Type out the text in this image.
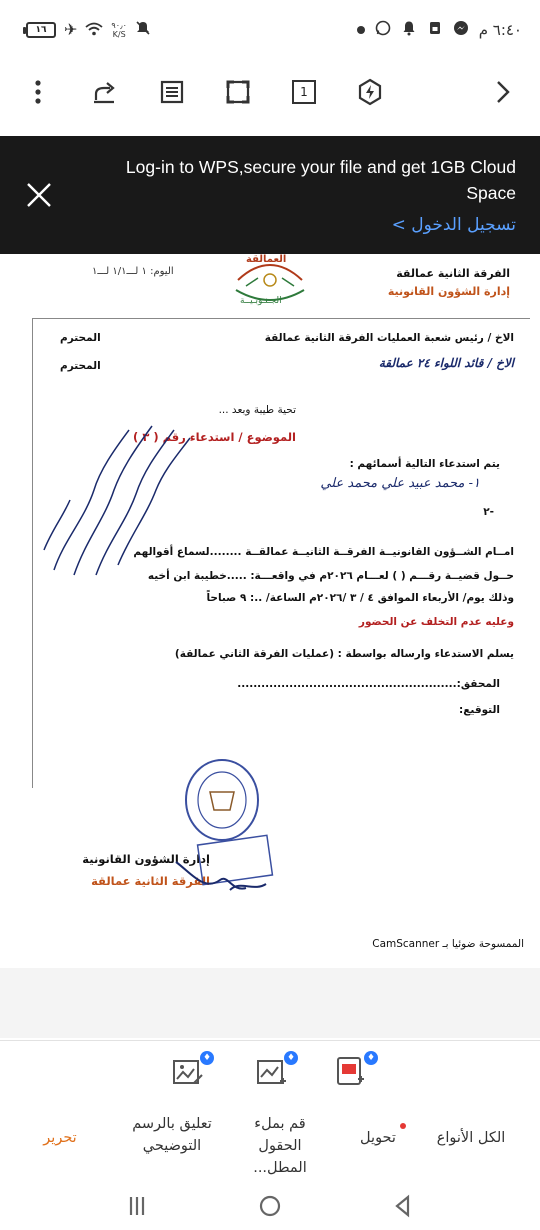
١٦	✈	٩٠٫٠
K/S	٦:٤٠ م
1
الفرقة الثانية عمالقة
إدارة الشؤون القانونية
اليوم: ١ لـــ١/١ لـــ١
العمالقة
الجـنـوبـيــة
الاخ / رئيس شعبة العمليات الفرقة الثانية عمالقة
المحترم
الاخ / قائد اللواء ٢٤ عمالقة
المحترم
تحية طيبة وبعد ...
الموضوع / استدعاء رقم ( ٣ )
يتم استدعاء التالية أسمائهم :
١- محمد عبيد علي محمد علي
-٢
امــام الشــؤون القانونيــة الفرقــة الثانيــة عمالقــة ........لسماع أقوالهم
حــول قضيــة رقـــم ( ) لعـــام ٢٠٢٦م في واقعـــة: .....خطيبة ابن أخيه
وذلك يوم/ الأربعاء الموافق ٤ / ٣ /٢٠٢٦م الساعة/ ..: ٩ صباحاً
وعليه عدم التخلف عن الحضور
يسلم الاستدعاء وارساله بواسطة : (عمليات الفرقة الثاني عمالقة)
المحقق:.......................................................
التوقيع:
إدارة الشؤون القانونية
الفرقة الثانية عمالقة
الممسوحة ضوئيا بـ CamScanner
Log-in to WPS,secure your file and get 1GB Cloud Space
تسجيل الدخول >
♦
♦
♦
الكل الأنواع
تحويل
قم بملء الحقول المطل...
تعليق بالرسم التوضيحي
تحرير
